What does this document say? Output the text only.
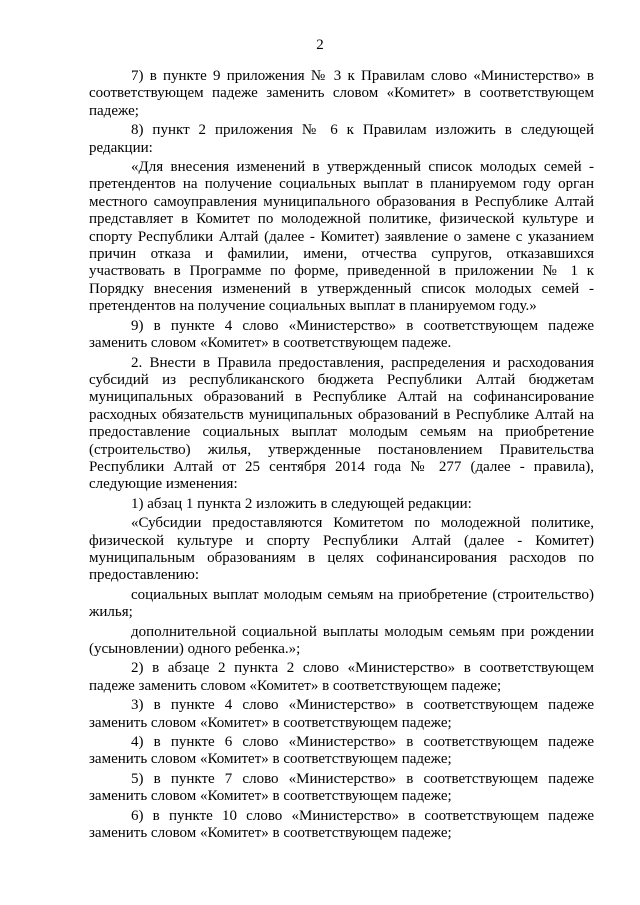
2

7) в пункте 9 приложения № 3 к Правилам слово «Министерство» в соответствующем падеже заменить словом «Комитет» в соответствующем падеже;

8) пункт 2 приложения № 6 к Правилам изложить в следующей редакции:

«Для внесения изменений в утвержденный список молодых семей - претендентов на получение социальных выплат в планируемом году орган местного самоуправления муниципального образования в Республике Алтай представляет в Комитет по молодежной политике, физической культуре и спорту Республики Алтай (далее - Комитет) заявление о замене с указанием причин отказа и фамилии, имени, отчества супругов, отказавшихся участвовать в Программе по форме, приведенной в приложении № 1 к Порядку внесения изменений в утвержденный список молодых семей - претендентов на получение социальных выплат в планируемом году.»

9) в пункте 4 слово «Министерство» в соответствующем падеже заменить словом «Комитет» в соответствующем падеже.

2. Внести в Правила предоставления, распределения и расходования субсидий из республиканского бюджета Республики Алтай бюджетам муниципальных образований в Республике Алтай на софинансирование расходных обязательств муниципальных образований в Республике Алтай на предоставление социальных выплат молодым семьям на приобретение (строительство) жилья, утвержденные постановлением Правительства Республики Алтай от 25 сентября 2014 года № 277 (далее - правила), следующие изменения:

1) абзац 1 пункта 2 изложить в следующей редакции:

«Субсидии предоставляются Комитетом по молодежной политике, физической культуре и спорту Республики Алтай (далее - Комитет) муниципальным образованиям в целях софинансирования расходов по предоставлению:

социальных выплат молодым семьям на приобретение (строительство) жилья;

дополнительной социальной выплаты молодым семьям при рождении (усыновлении) одного ребенка.»;

2) в абзаце 2 пункта 2 слово «Министерство» в соответствующем падеже заменить словом «Комитет» в соответствующем падеже;

3) в пункте 4 слово «Министерство» в соответствующем падеже заменить словом «Комитет» в соответствующем падеже;

4) в пункте 6 слово «Министерство» в соответствующем падеже заменить словом «Комитет» в соответствующем падеже;

5) в пункте 7 слово «Министерство» в соответствующем падеже заменить словом «Комитет» в соответствующем падеже;

6) в пункте 10 слово «Министерство» в соответствующем падеже заменить словом «Комитет» в соответствующем падеже;
